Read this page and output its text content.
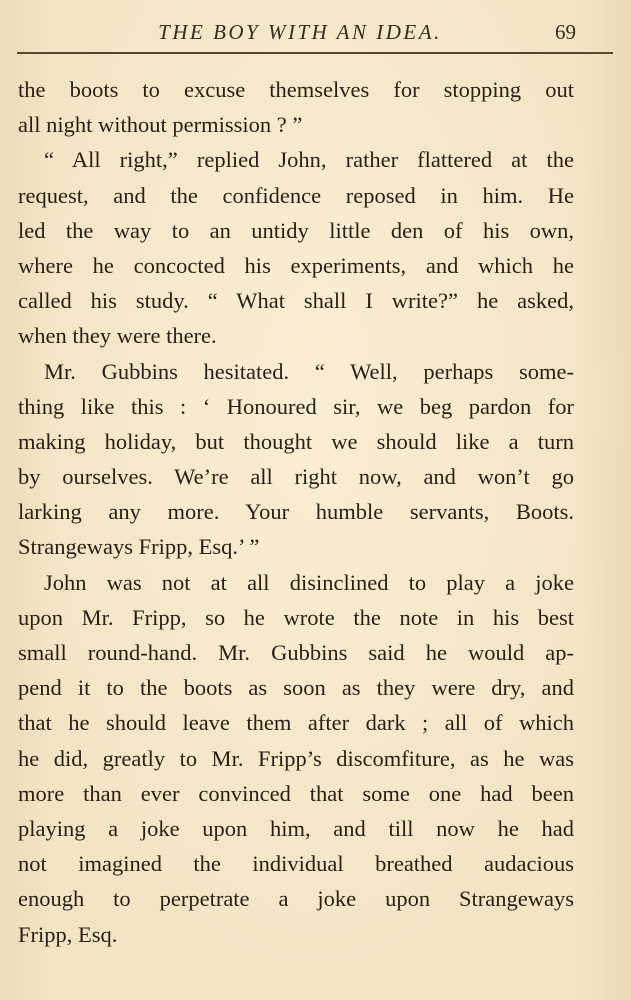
THE BOY WITH AN IDEA.	69
the boots to excuse themselves for stopping out
all night without permission ? ”
“ All right,” replied John, rather flattered at the
request, and the confidence reposed in him. He
led the way to an untidy little den of his own,
where he concocted his experiments, and which he
called his study. “ What shall I write?” he asked,
when they were there.
Mr. Gubbins hesitated. “ Well, perhaps some-
thing like this : ‘ Honoured sir, we beg pardon for
making holiday, but thought we should like a turn
by ourselves. We’re all right now, and won’t go
larking any more. Your humble servants, Boots.
Strangeways Fripp, Esq.’ ”
John was not at all disinclined to play a joke
upon Mr. Fripp, so he wrote the note in his best
small round-hand. Mr. Gubbins said he would ap-
pend it to the boots as soon as they were dry, and
that he should leave them after dark ; all of which
he did, greatly to Mr. Fripp’s discomfiture, as he was
more than ever convinced that some one had been
playing a joke upon him, and till now he had
not imagined the individual breathed audacious
enough to perpetrate a joke upon Strangeways
Fripp, Esq.
